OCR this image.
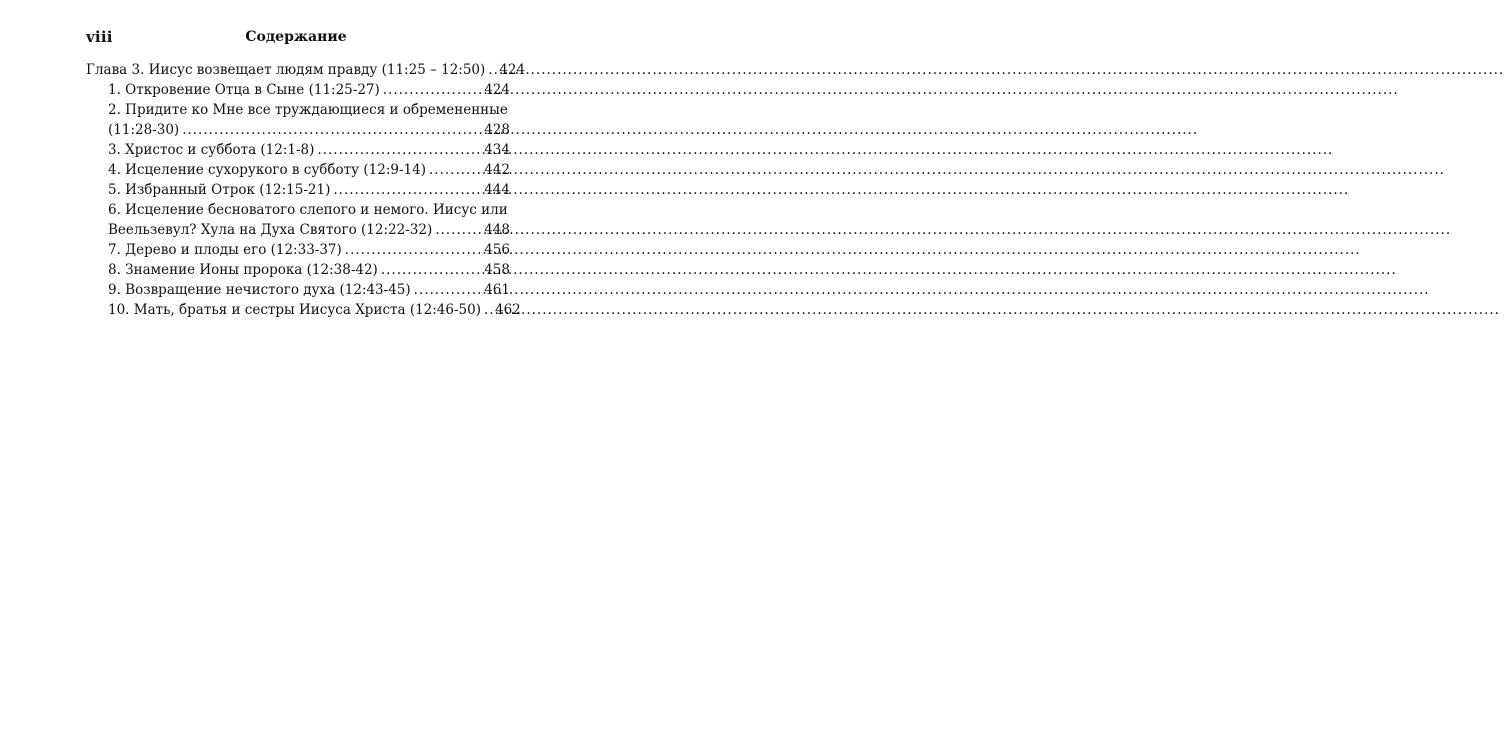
viii	Содержание
Глава 3. Иисус возвещает людям правду (11:25 – 12:50) ..... 424
1. Откровение Отца в Сыне (11:25-27) .....	424
2. Придите ко Мне все труждающиеся и обремененные
(11:28-30) .....	428
3. Христос и суббота (12:1-8) .....	434
4. Исцеление сухорукого в субботу (12:9-14) .....	442
5. Избранный Отрок (12:15-21) .....	444
6. Исцеление бесноватого слепого и немого. Иисус или
Веельзевул? Хула на Духа Святого (12:22-32) .....	448
7. Дерево и плоды его (12:33-37) .....	456
8. Знамение Ионы пророка (12:38-42) .....	458
9. Возвращение нечистого духа (12:43-45) .....	461
10. Мать, братья и сестры Иисуса Христа (12:46-50) ..... 462
